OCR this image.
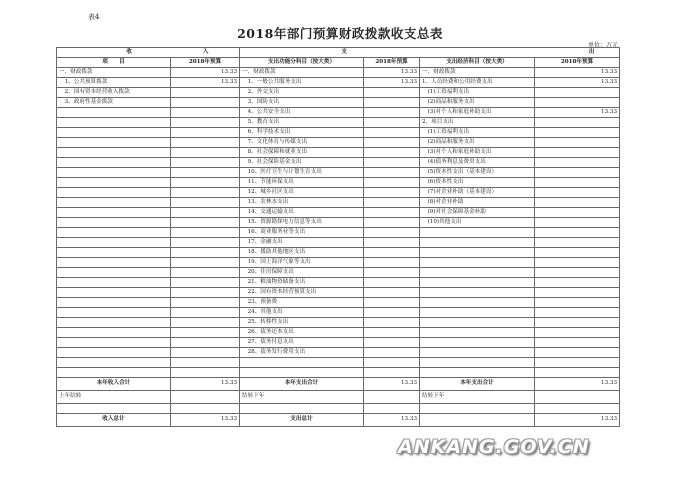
表4
2018年部门预算财政拨款收支总表
单位：万元
收 入		支 出			
项　　目	2018年预算	支出功能分科目（按大类）	2018年预算	支出经济科目（按大类）	2018年预算
一、财政拨款	13.33	一、财政拨款	13.33	一、财政拨款	13.33
　1、公共预算拨款	13.33	　1、一般公共服务支出	13.33	1、人员经费和公用经费支出	13.33
　2、国有资本经营收入拨款		　2、外交支出		　(1)工资福利支出	
　3、政府性基金拨款		　3、国防支出		　(2)商品和服务支出	
		　4、公共安全支出		　(3)对个人和家庭补助支出	13.33
		　5、教育支出		2、项目支出	
		　6、科学技术支出		　(1)工资福利支出	
		　7、文化体育与传媒支出		　(2)商品和服务支出	
		　8、社会保障和就业支出		　(3)对个人和家庭补助支出	
		　9、社会保险基金支出		　(4)债务利息及费用支出	
		　10、医疗卫生与计划生育支出		　(5)资本性支出（基本建设）	
		　11、节能环保支出		　(6)资本性支出	
		　12、城乡社区支出		　(7)对企业补助（基本建设）	
		　13、农林水支出		　(8)对企业补助	
		　14、交通运输支出		　(9)对社会保障基金补助	
		　15、资源勘探电力信息等支出		　(10)其他支出	
		　16、商业服务业等支出			
		　17、金融支出			
		　18、援助其他地区支出			
		　19、国土海洋气象等支出			
		　20、住房保障支出			
		　21、粮油物资储备支出			
		　22、国有资本经营预算支出			
		　23、预备费			
		　24、其他支出			
		　25、转移性支出			
		　26、债务还本支出			
		　27、债务付息支出			
		　28、债务发行费用支出			

本年收入合计	13.33	本年支出合计	13.33	本年支出合计	13.33
上年结转		结转下年		结转下年	

收入总计	13.33	支出总计	13.33		13.33
ANKANG.GOV.CN
